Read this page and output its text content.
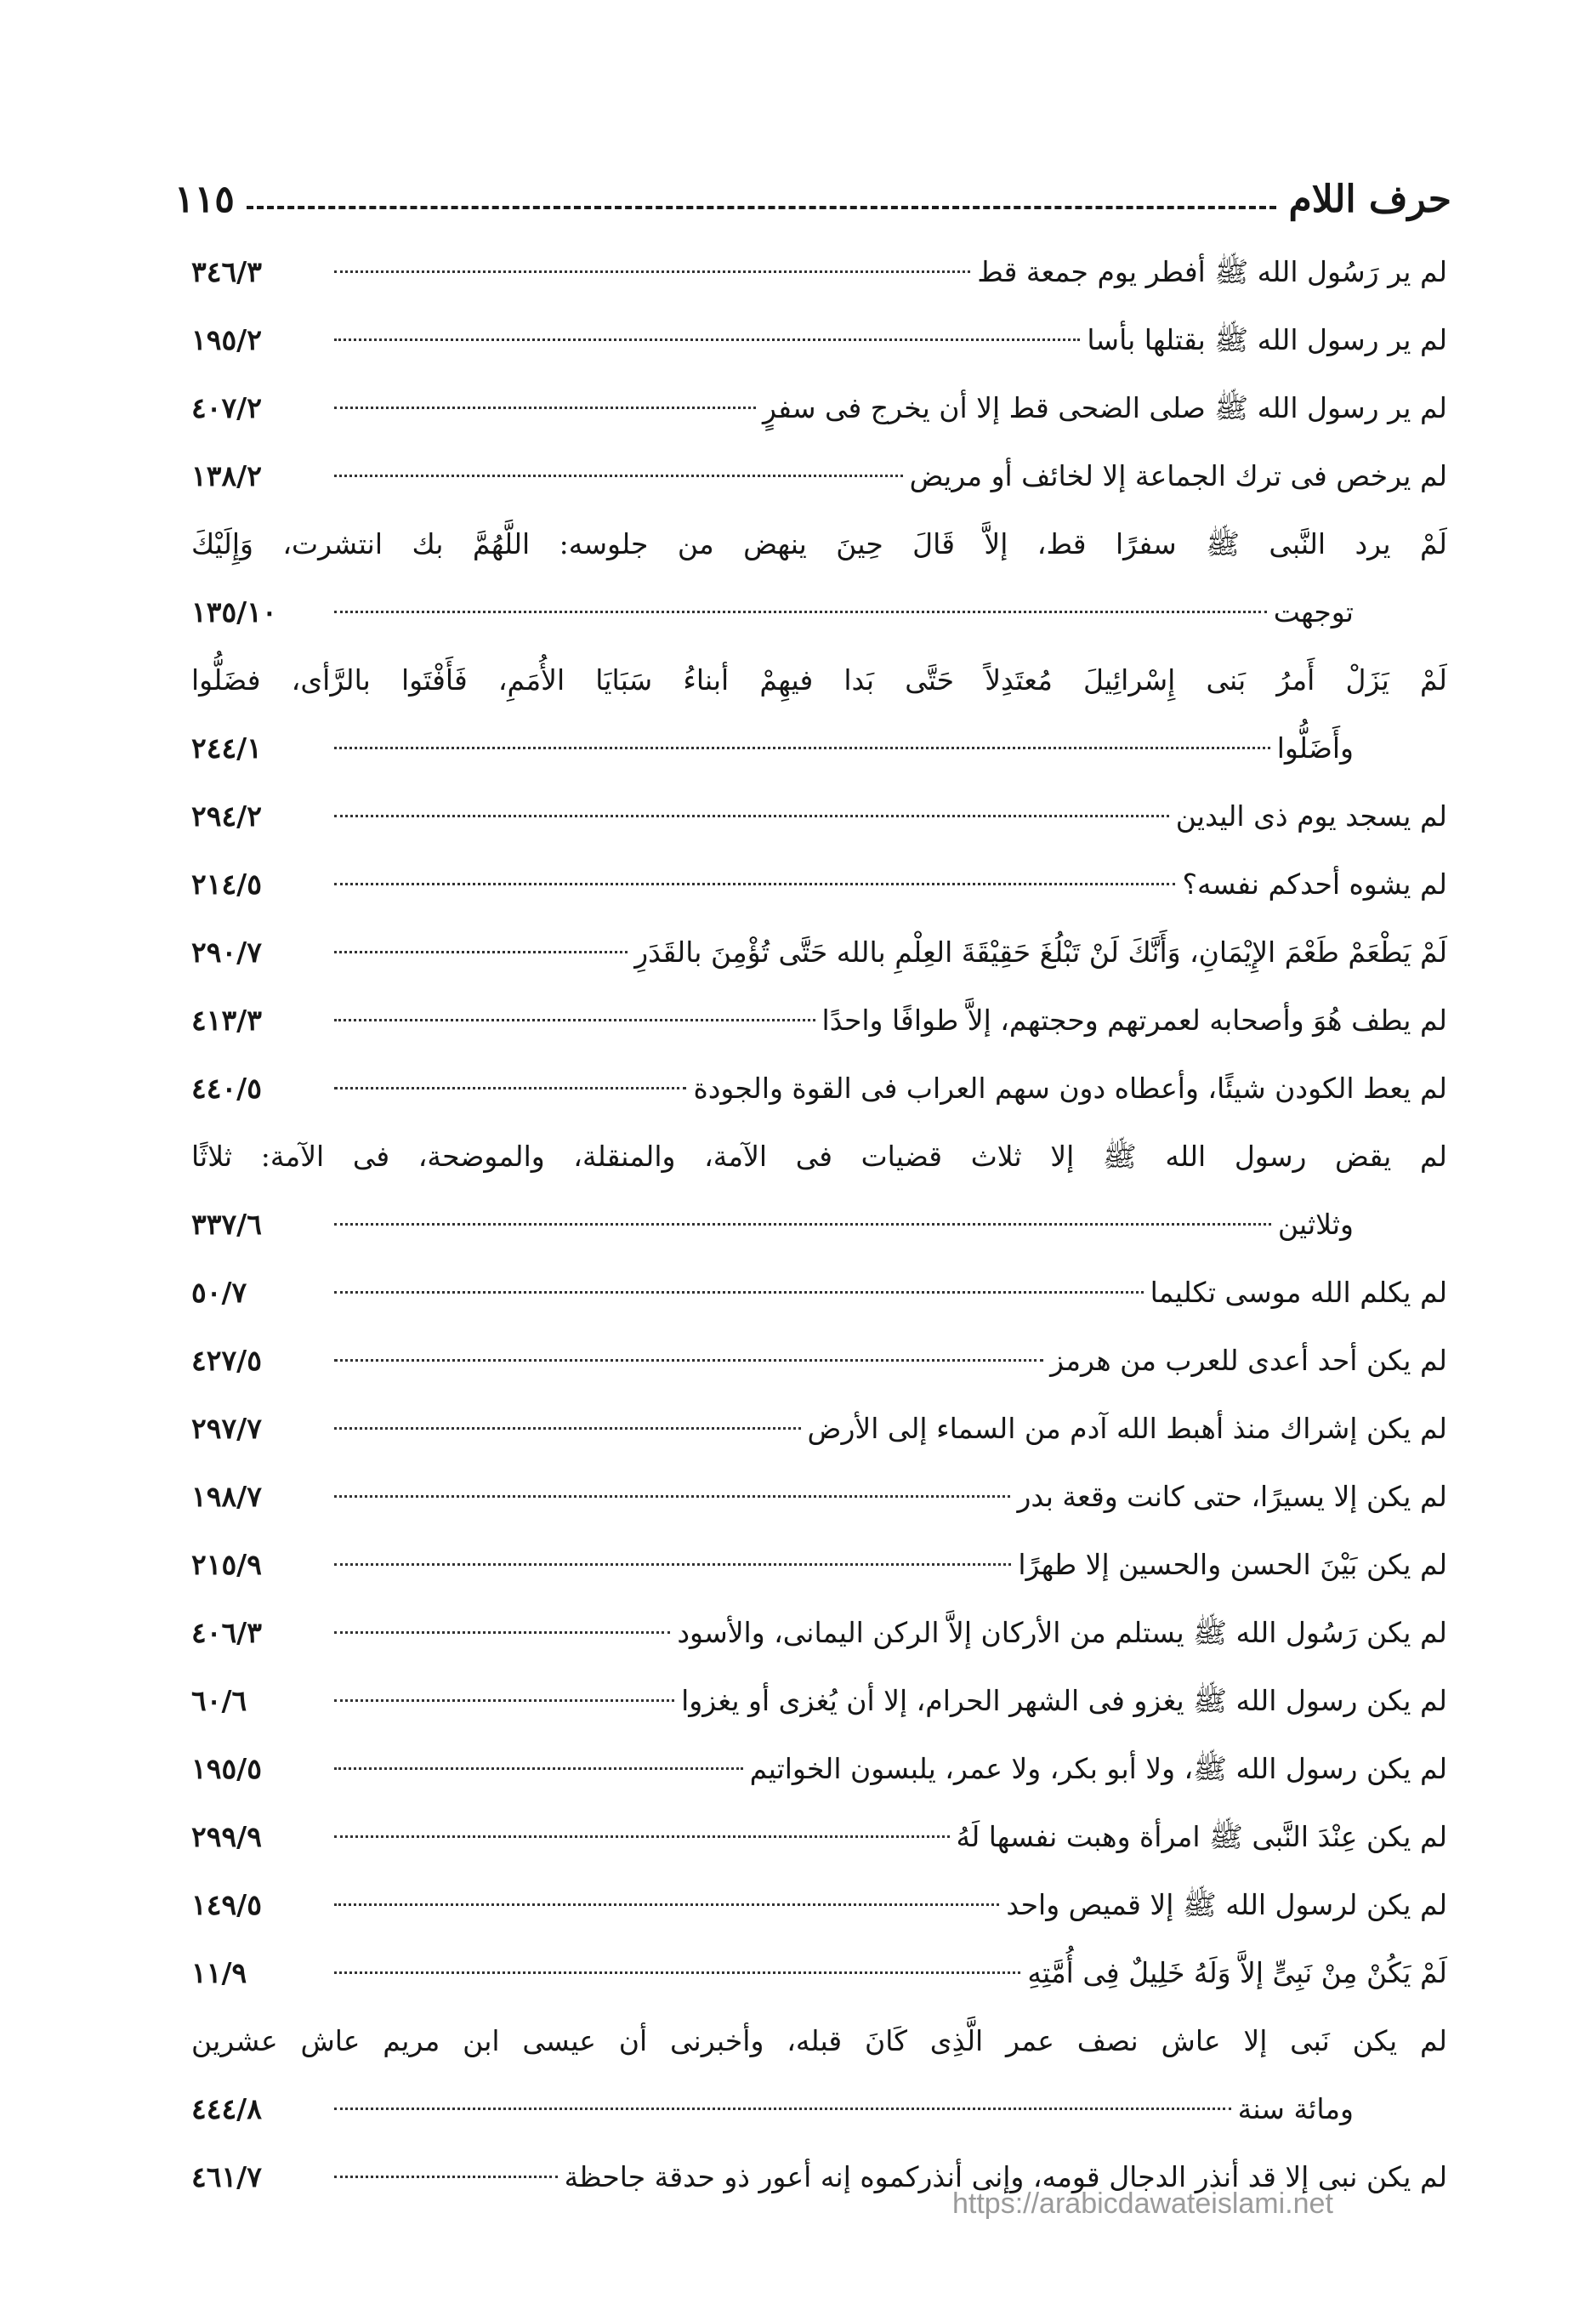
حرف اللام
١١٥
لم ير رَسُول الله ﷺ أفطر يوم جمعة قط
٣٤٦/٣
لم ير رسول الله ﷺ بقتلها بأسا
١٩٥/٢
لم ير رسول الله ﷺ صلى الضحى قط إلا أن يخرج فى سفرٍ
٤٠٧/٢
لم يرخص فى ترك الجماعة إلا لخائف أو مريض
١٣٨/٢
لَمْ يرد النَّبى ﷺ سفرًا قط، إلاَّ قَالَ حِينَ ينهض من جلوسه: اللَّهُمَّ بك انتشرت، وَإِلَيْكَ
توجهت
١٣٥/١٠
لَمْ يَزَلْ أَمرُ بَنى إِسْرائِيلَ مُعتَدِلاً حَتَّى بَدا فيهِمْ أبناءُ سَبَايَا الأُمَمِ، فَأَفْتَوا بالرَّأى، فضَلُّوا
وأَضَلُّوا
٢٤٤/١
لم يسجد يوم ذى اليدين
٢٩٤/٢
لم يشوه أحدكم نفسه؟
٢١٤/٥
لَمْ يَطْعَمْ طَعْمَ الإِيْمَانِ، وَأَنَّكَ لَنْ تَبْلُغَ حَقِيْقَةَ العِلْمِ بالله حَتَّى تُؤْمِنَ بالقَدَرِ
٢٩٠/٧
لم يطف هُوَ وأصحابه لعمرتهم وحجتهم، إلاَّ طوافًا واحدًا
٤١٣/٣
لم يعط الكودن شيئًا، وأعطاه دون سهم العراب فى القوة والجودة
٤٤٠/٥
لم يقض رسول الله ﷺ إلا ثلاث قضيات فى الآمة، والمنقلة، والموضحة، فى الآمة: ثلاثًا
وثلاثين
٣٣٧/٦
لم يكلم الله موسى تكليما
٥٠/٧
لم يكن أحد أعدى للعرب من هرمز
٤٢٧/٥
لم يكن إشراك منذ أهبط الله آدم من السماء إلى الأرض
٢٩٧/٧
لم يكن إلا يسيرًا، حتى كانت وقعة بدر
١٩٨/٧
لم يكن بَيْنَ الحسن والحسين إلا طهرًا
٢١٥/٩
لم يكن رَسُول الله ﷺ يستلم من الأركان إلاَّ الركن اليمانى، والأسود
٤٠٦/٣
لم يكن رسول الله ﷺ يغزو فى الشهر الحرام، إلا أن يُغزى أو يغزوا
٦٠/٦
لم يكن رسول الله ﷺ، ولا أبو بكر، ولا عمر، يلبسون الخواتيم
١٩٥/٥
لم يكن عِنْدَ النَّبى ﷺ امرأة وهبت نفسها لَهُ
٢٩٩/٩
لم يكن لرسول الله ﷺ إلا قميص واحد
١٤٩/٥
لَمْ يَكُنْ مِنْ نَبِىٍّ إلاَّ وَلَهُ خَلِيلٌ فِى أُمَّتِهِ
١١/٩
لم يكن نَبى إلا عاش نصف عمر الَّذِى كَانَ قبله، وأخبرنى أن عيسى ابن مريم عاش عشرين
ومائة سنة
٤٤٤/٨
لم يكن نبى إلا قد أنذر الدجال قومه، وإنى أنذركموه إنه أعور ذو حدقة جاحظة
٤٦١/٧
https://arabicdawateislami.net
